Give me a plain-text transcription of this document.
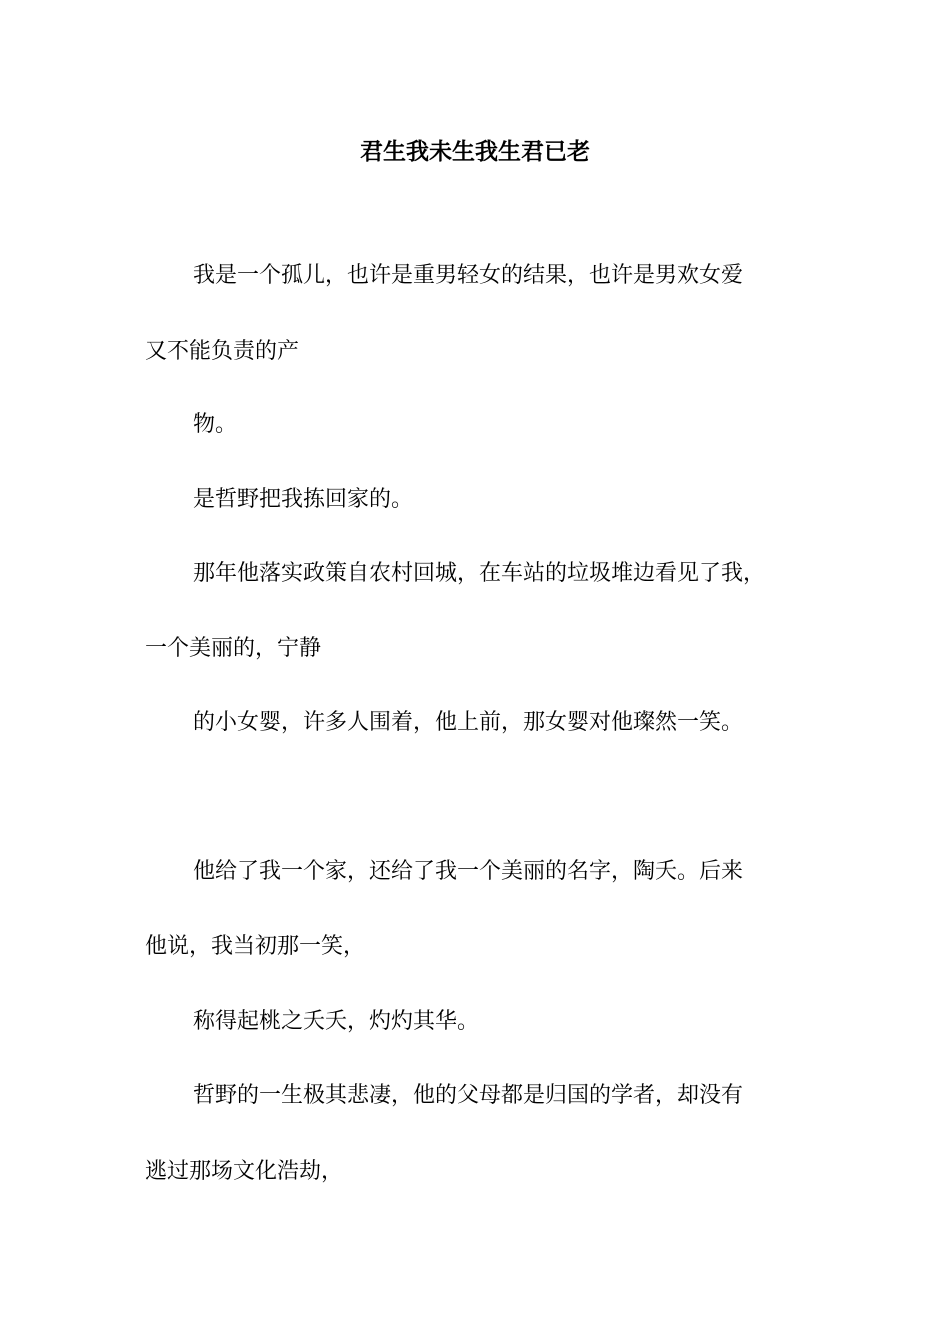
君生我未生我生君已老
我是一个孤儿，也许是重男轻女的结果，也许是男欢女爱
又不能负责的产
物。
是哲野把我拣回家的。
那年他落实政策自农村回城，在车站的垃圾堆边看见了我，
一个美丽的，宁静
的小女婴，许多人围着，他上前，那女婴对他璨然一笑。
他给了我一个家，还给了我一个美丽的名字，陶夭。后来
他说，我当初那一笑，
称得起桃之夭夭，灼灼其华。
哲野的一生极其悲凄，他的父母都是归国的学者，却没有
逃过那场文化浩劫，
